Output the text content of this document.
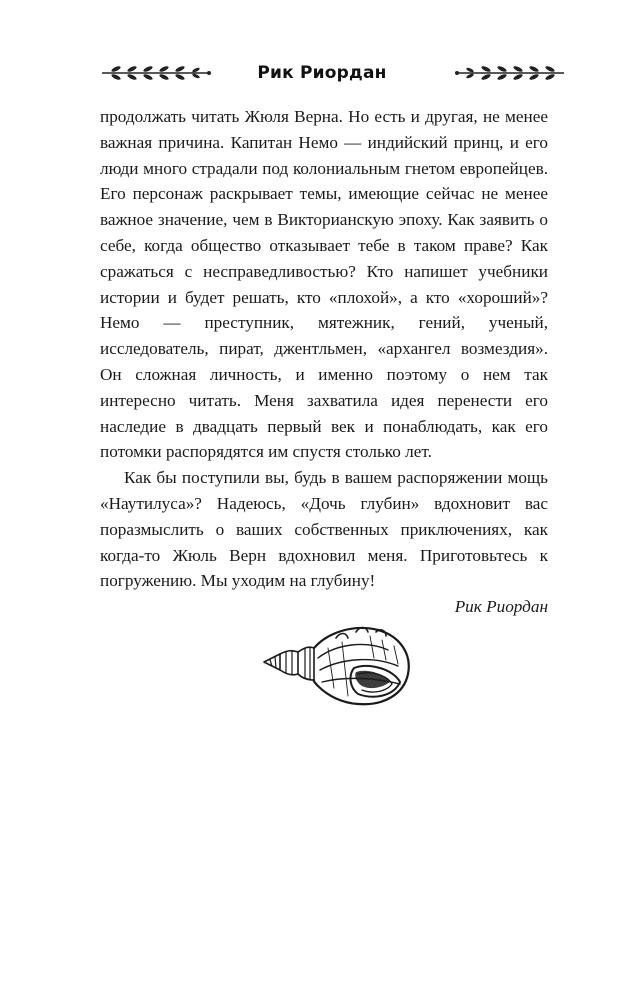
Рик Риордан

продолжать читать Жюля Верна. Но есть и другая, не менее важная причина. Капитан Немо — индийский принц, и его люди много страдали под колониальным гнетом европейцев. Его персонаж раскрывает темы, имеющие сейчас не менее важное значение, чем в Викторианскую эпоху. Как заявить о себе, когда общество отказывает тебе в таком праве? Как сражаться с несправедливостью? Кто напишет учебники истории и будет решать, кто «плохой», а кто «хороший»? Немо — преступник, мятежник, гений, ученый, исследователь, пират, джентльмен, «архангел возмездия». Он сложная личность, и именно поэтому о нем так интересно читать. Меня захватила идея перенести его наследие в двадцать первый век и понаблюдать, как его потомки распорядятся им спустя столько лет.

Как бы поступили вы, будь в вашем распоряжении мощь «Наутилуса»? Надеюсь, «Дочь глубин» вдохновит вас поразмыслить о ваших собственных приключениях, как когда-то Жюль Верн вдохновил меня. Приготовьтесь к погружению. Мы уходим на глубину!

Рик Риордан
